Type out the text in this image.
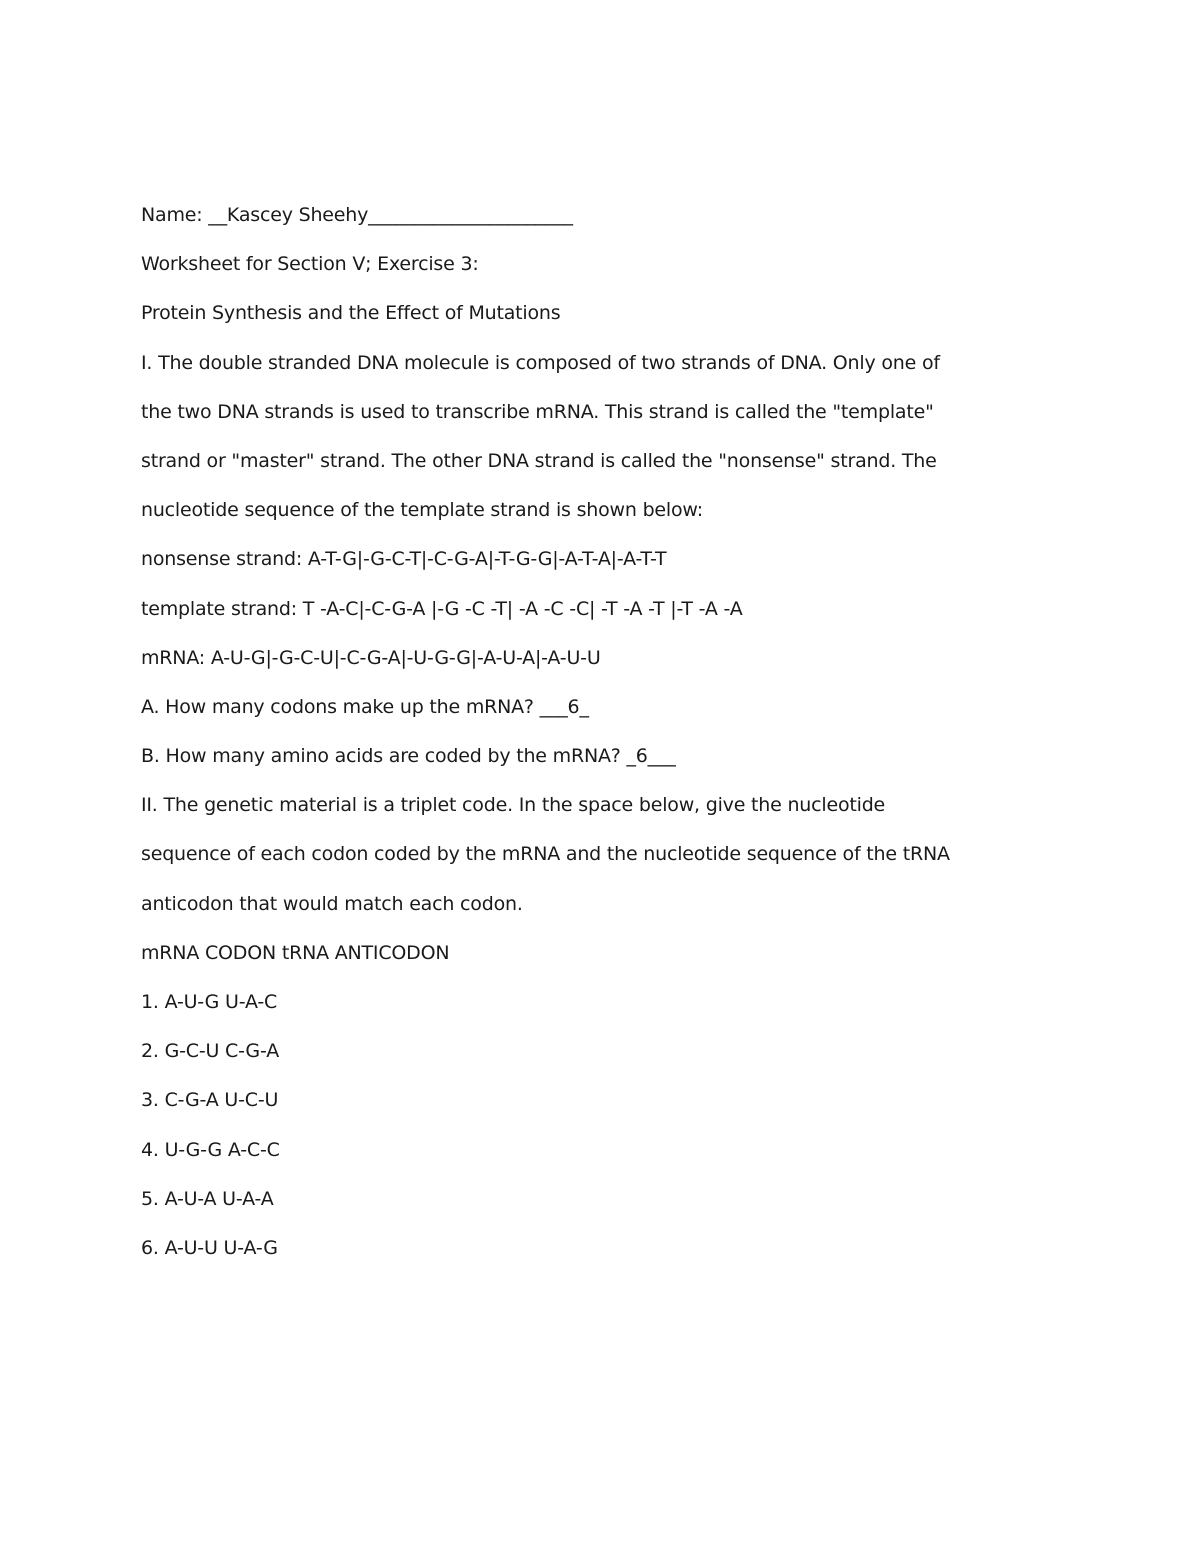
Name: __Kascey Sheehy______________________
Worksheet for Section V; Exercise 3:
Protein Synthesis and the Effect of Mutations
I. The double stranded DNA molecule is composed of two strands of DNA. Only one of
the two DNA strands is used to transcribe mRNA. This strand is called the "template"
strand or "master" strand. The other DNA strand is called the "nonsense" strand. The
nucleotide sequence of the template strand is shown below:
nonsense strand: A-T-G|-G-C-T|-C-G-A|-T-G-G|-A-T-A|-A-T-T
template strand: T -A-C|-C-G-A |-G -C -T| -A -C -C| -T -A -T |-T -A -A
mRNA: A-U-G|-G-C-U|-C-G-A|-U-G-G|-A-U-A|-A-U-U
A. How many codons make up the mRNA? ___6_
B. How many amino acids are coded by the mRNA? _6___
II. The genetic material is a triplet code. In the space below, give the nucleotide
sequence of each codon coded by the mRNA and the nucleotide sequence of the tRNA
anticodon that would match each codon.
mRNA CODON tRNA ANTICODON
1. A-U-G U-A-C
2. G-C-U C-G-A
3. C-G-A U-C-U
4. U-G-G A-C-C
5. A-U-A U-A-A
6. A-U-U U-A-G
